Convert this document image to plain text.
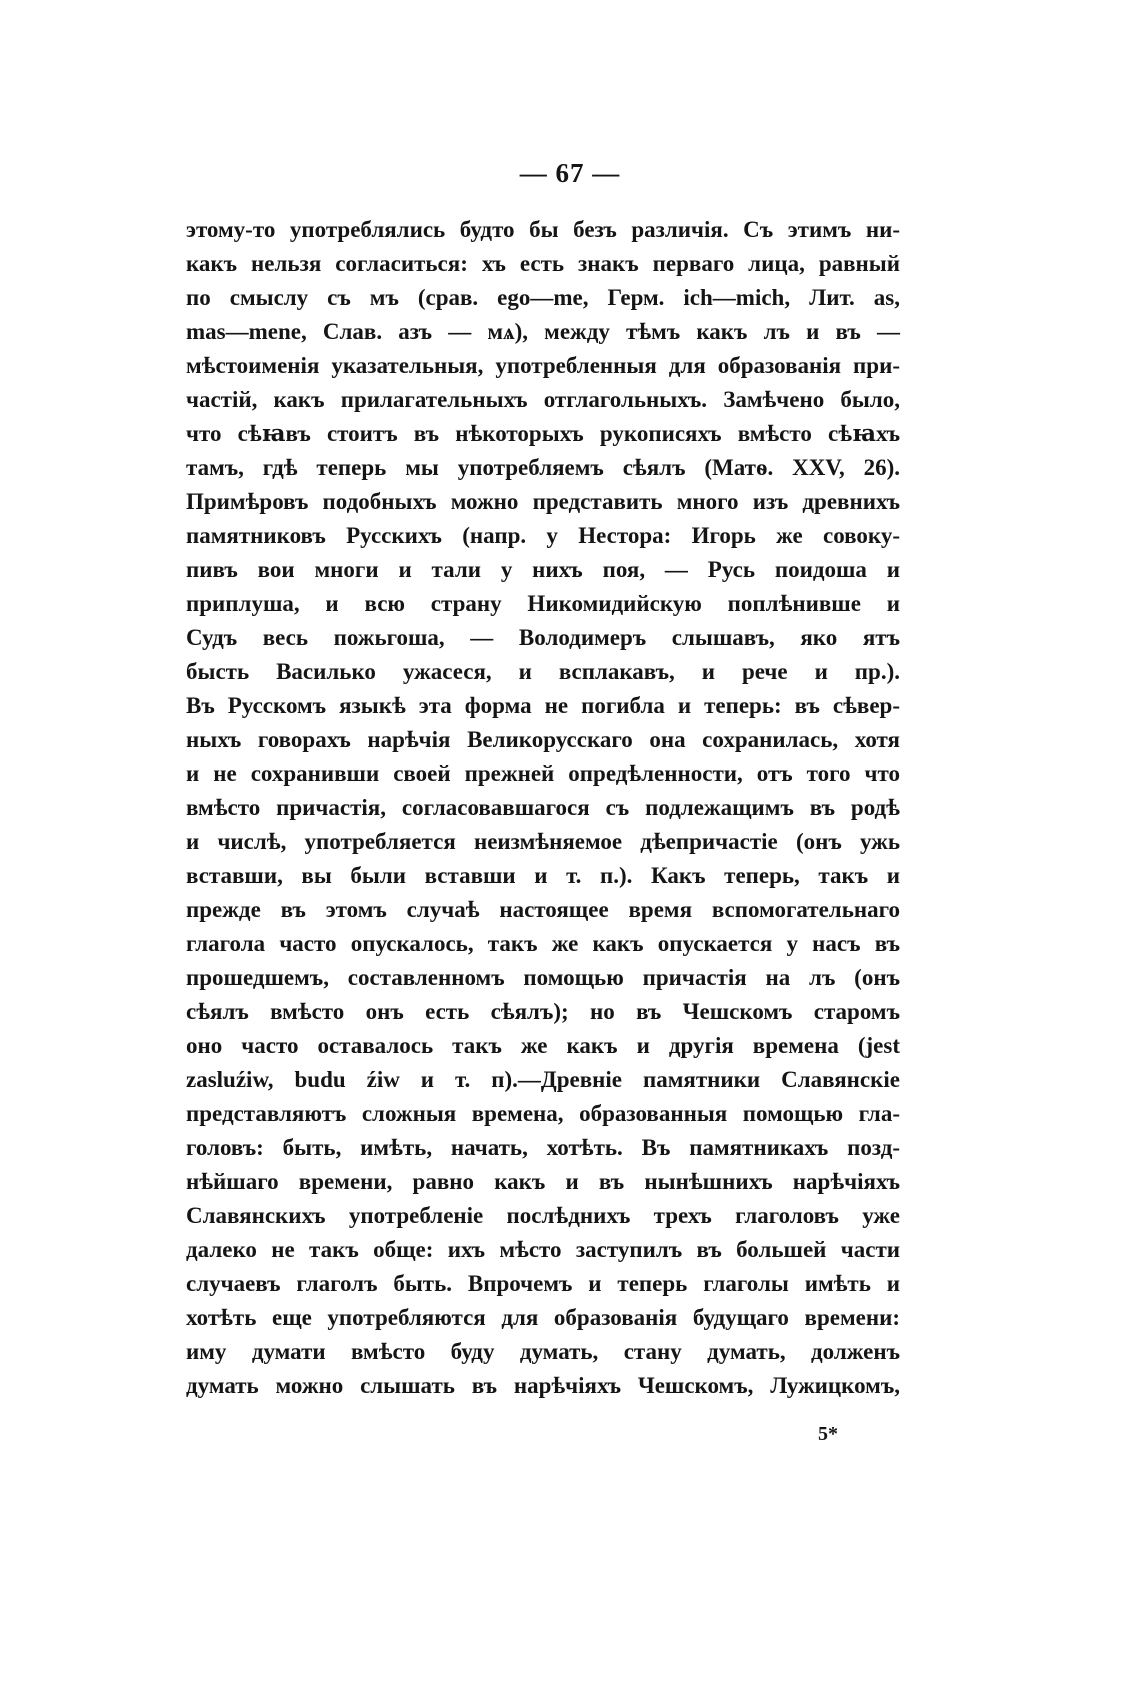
— 67 —
этому-то употреблялись будто бы безъ различія. Съ этимъ ни-
какъ нельзя согласиться: хъ есть знакъ перваго лица, равный
по смыслу съ мъ (срав. ego—me, Герм. ich—mich, Лит. as,
mas—mene, Слав. азъ — мѧ), между тѣмъ какъ лъ и въ —
мѣстоименія указательныя, употребленныя для образованія при-
частій, какъ прилагательныхъ отглагольныхъ. Замѣчено было,
что сѣꙗвъ стоитъ въ нѣкоторыхъ рукописяхъ вмѣсто сѣꙗхъ
тамъ, гдѣ теперь мы употребляемъ сѣялъ (Матѳ. XXV, 26).
Примѣровъ подобныхъ можно представить много изъ древнихъ
памятниковъ Русскихъ (напр. у Нестора: Игорь же совоку-
пивъ вои многи и тали у нихъ поя, — Русь поидоша и
приплуша, и всю страну Никомидийскую поплѣнивше и
Судъ весь пожьгоша, — Володимеръ слышавъ, яко ятъ
бысть Василько ужасеся, и всплакавъ, и рече и пр.).
Въ Русскомъ языкѣ эта форма не погибла и теперь: въ сѣвер-
ныхъ говорахъ нарѣчія Великорусскаго она сохранилась, хотя
и не сохранивши своей прежней опредѣленности, отъ того что
вмѣсто причастія, согласовавшагося съ подлежащимъ въ родѣ
и числѣ, употребляется неизмѣняемое дѣепричастіе (онъ ужь
вставши, вы были вставши и т. п.). Какъ теперь, такъ и
прежде въ этомъ случаѣ настоящее время вспомогательнаго
глагола часто опускалось, такъ же какъ опускается у насъ въ
прошедшемъ, составленномъ помощью причастія на лъ (онъ
сѣялъ вмѣсто онъ есть сѣялъ); но въ Чешскомъ старомъ
оно часто оставалось такъ же какъ и другія времена (jest
zasluźiw, budu źiw и т. п).—Древніе памятники Славянскіе
представляютъ сложныя времена, образованныя помощью гла-
головъ: быть, имѣть, начать, хотѣть. Въ памятникахъ позд-
нѣйшаго времени, равно какъ и въ нынѣшнихъ нарѣчіяхъ
Славянскихъ употребленіе послѣднихъ трехъ глаголовъ уже
далеко не такъ обще: ихъ мѣсто заступилъ въ большей части
случаевъ глаголъ быть. Впрочемъ и теперь глаголы имѣть и
хотѣть еще употребляются для образованія будущаго времени:
иму думати вмѣсто буду думать, стану думать, долженъ
думать можно слышать въ нарѣчіяхъ Чешскомъ, Лужицкомъ,
5*
